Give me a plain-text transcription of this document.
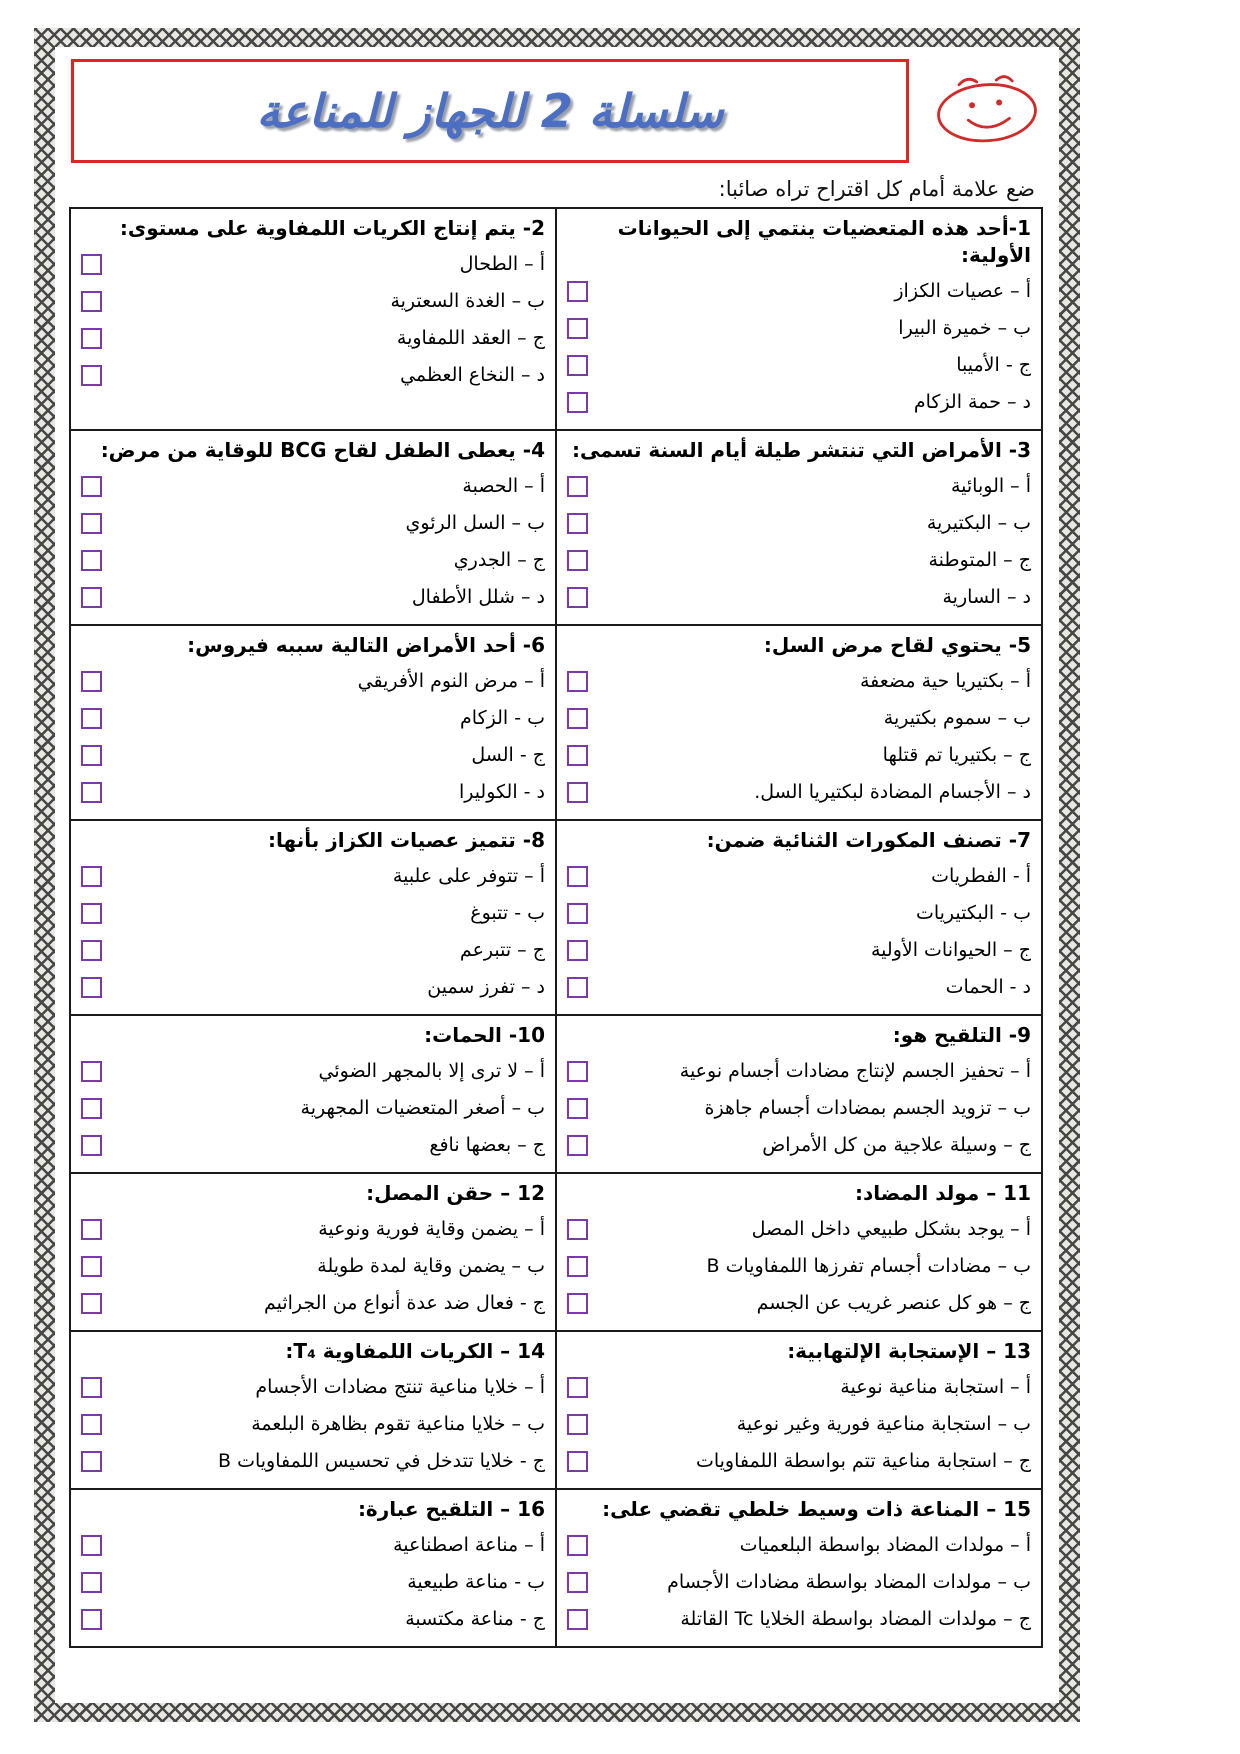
سلسلة 2 للجهاز للمناعة
ضع علامة أمام كل اقتراح تراه صائبا:
1-أحد هذه المتعضيات ينتمي إلى الحيوانات الأولية:
أ – عصيات الكزاز
ب – خميرة البيرا
ج - الأميبا
د – حمة الزكام

2- يتم إنتاج الكريات اللمفاوية على مستوى:
أ – الطحال
ب – الغدة السعترية
ج – العقد اللمفاوية
د – النخاع العظمي

3- الأمراض التي تنتشر طيلة أيام السنة تسمى:
أ – الوبائية
ب – البكتيرية
ج – المتوطنة
د – السارية

4- يعطى الطفل لقاح BCG للوقاية من مرض:
أ – الحصبة
ب – السل الرئوي
ج – الجدري
د – شلل الأطفال

5- يحتوي لقاح مرض السل:
أ – بكتيريا حية مضعفة
ب – سموم بكتيرية
ج – بكتيريا تم قتلها
د – الأجسام المضادة لبكتيريا السل.

6- أحد الأمراض التالية سببه فيروس:
أ – مرض النوم الأفريقي
ب - الزكام
ج - السل
د - الكوليرا

7- تصنف المكورات الثنائية ضمن:
أ - الفطريات
ب - البكتيريات
ج – الحيوانات الأولية
د - الحمات

8- تتميز عصيات الكزاز بأنها:
أ – تتوفر على علبية
ب - تتبوغ
ج – تتبرعم
د – تفرز سمين

9- التلقيح هو:
أ – تحفيز الجسم لإنتاج مضادات أجسام نوعية
ب – تزويد الجسم بمضادات أجسام جاهزة
ج – وسيلة علاجية من كل الأمراض

10- الحمات:
أ – لا ترى إلا بالمجهر الضوئي
ب – أصغر المتعضيات المجهرية
ج – بعضها نافع

11 – مولد المضاد:
أ – يوجد بشكل طبيعي داخل المصل
ب – مضادات أجسام تفرزها اللمفاويات B
ج – هو كل عنصر غريب عن الجسم

12 – حقن المصل:
أ – يضمن وقاية فورية ونوعية
ب – يضمن وقاية لمدة طويلة
ج - فعال ضد عدة أنواع من الجراثيم

13 – الإستجابة الإلتهابية:
أ – استجابة مناعية نوعية
ب – استجابة مناعية فورية وغير نوعية
ج – استجابة مناعية تتم بواسطة اللمفاويات

14 – الكريات اللمفاوية T₄:
أ – خلايا مناعية تنتج مضادات الأجسام
ب – خلايا مناعية تقوم بظاهرة البلعمة
ج - خلايا تتدخل في تحسيس اللمفاويات B

15 – المناعة ذات وسيط خلطي تقضي على:
أ – مولدات المضاد بواسطة البلعميات
ب – مولدات المضاد بواسطة مضادات الأجسام
ج – مولدات المضاد بواسطة الخلايا Tc القاتلة

16 – التلقيح عبارة:
أ – مناعة اصطناعية
ب - مناعة طبيعية
ج - مناعة مكتسبة
